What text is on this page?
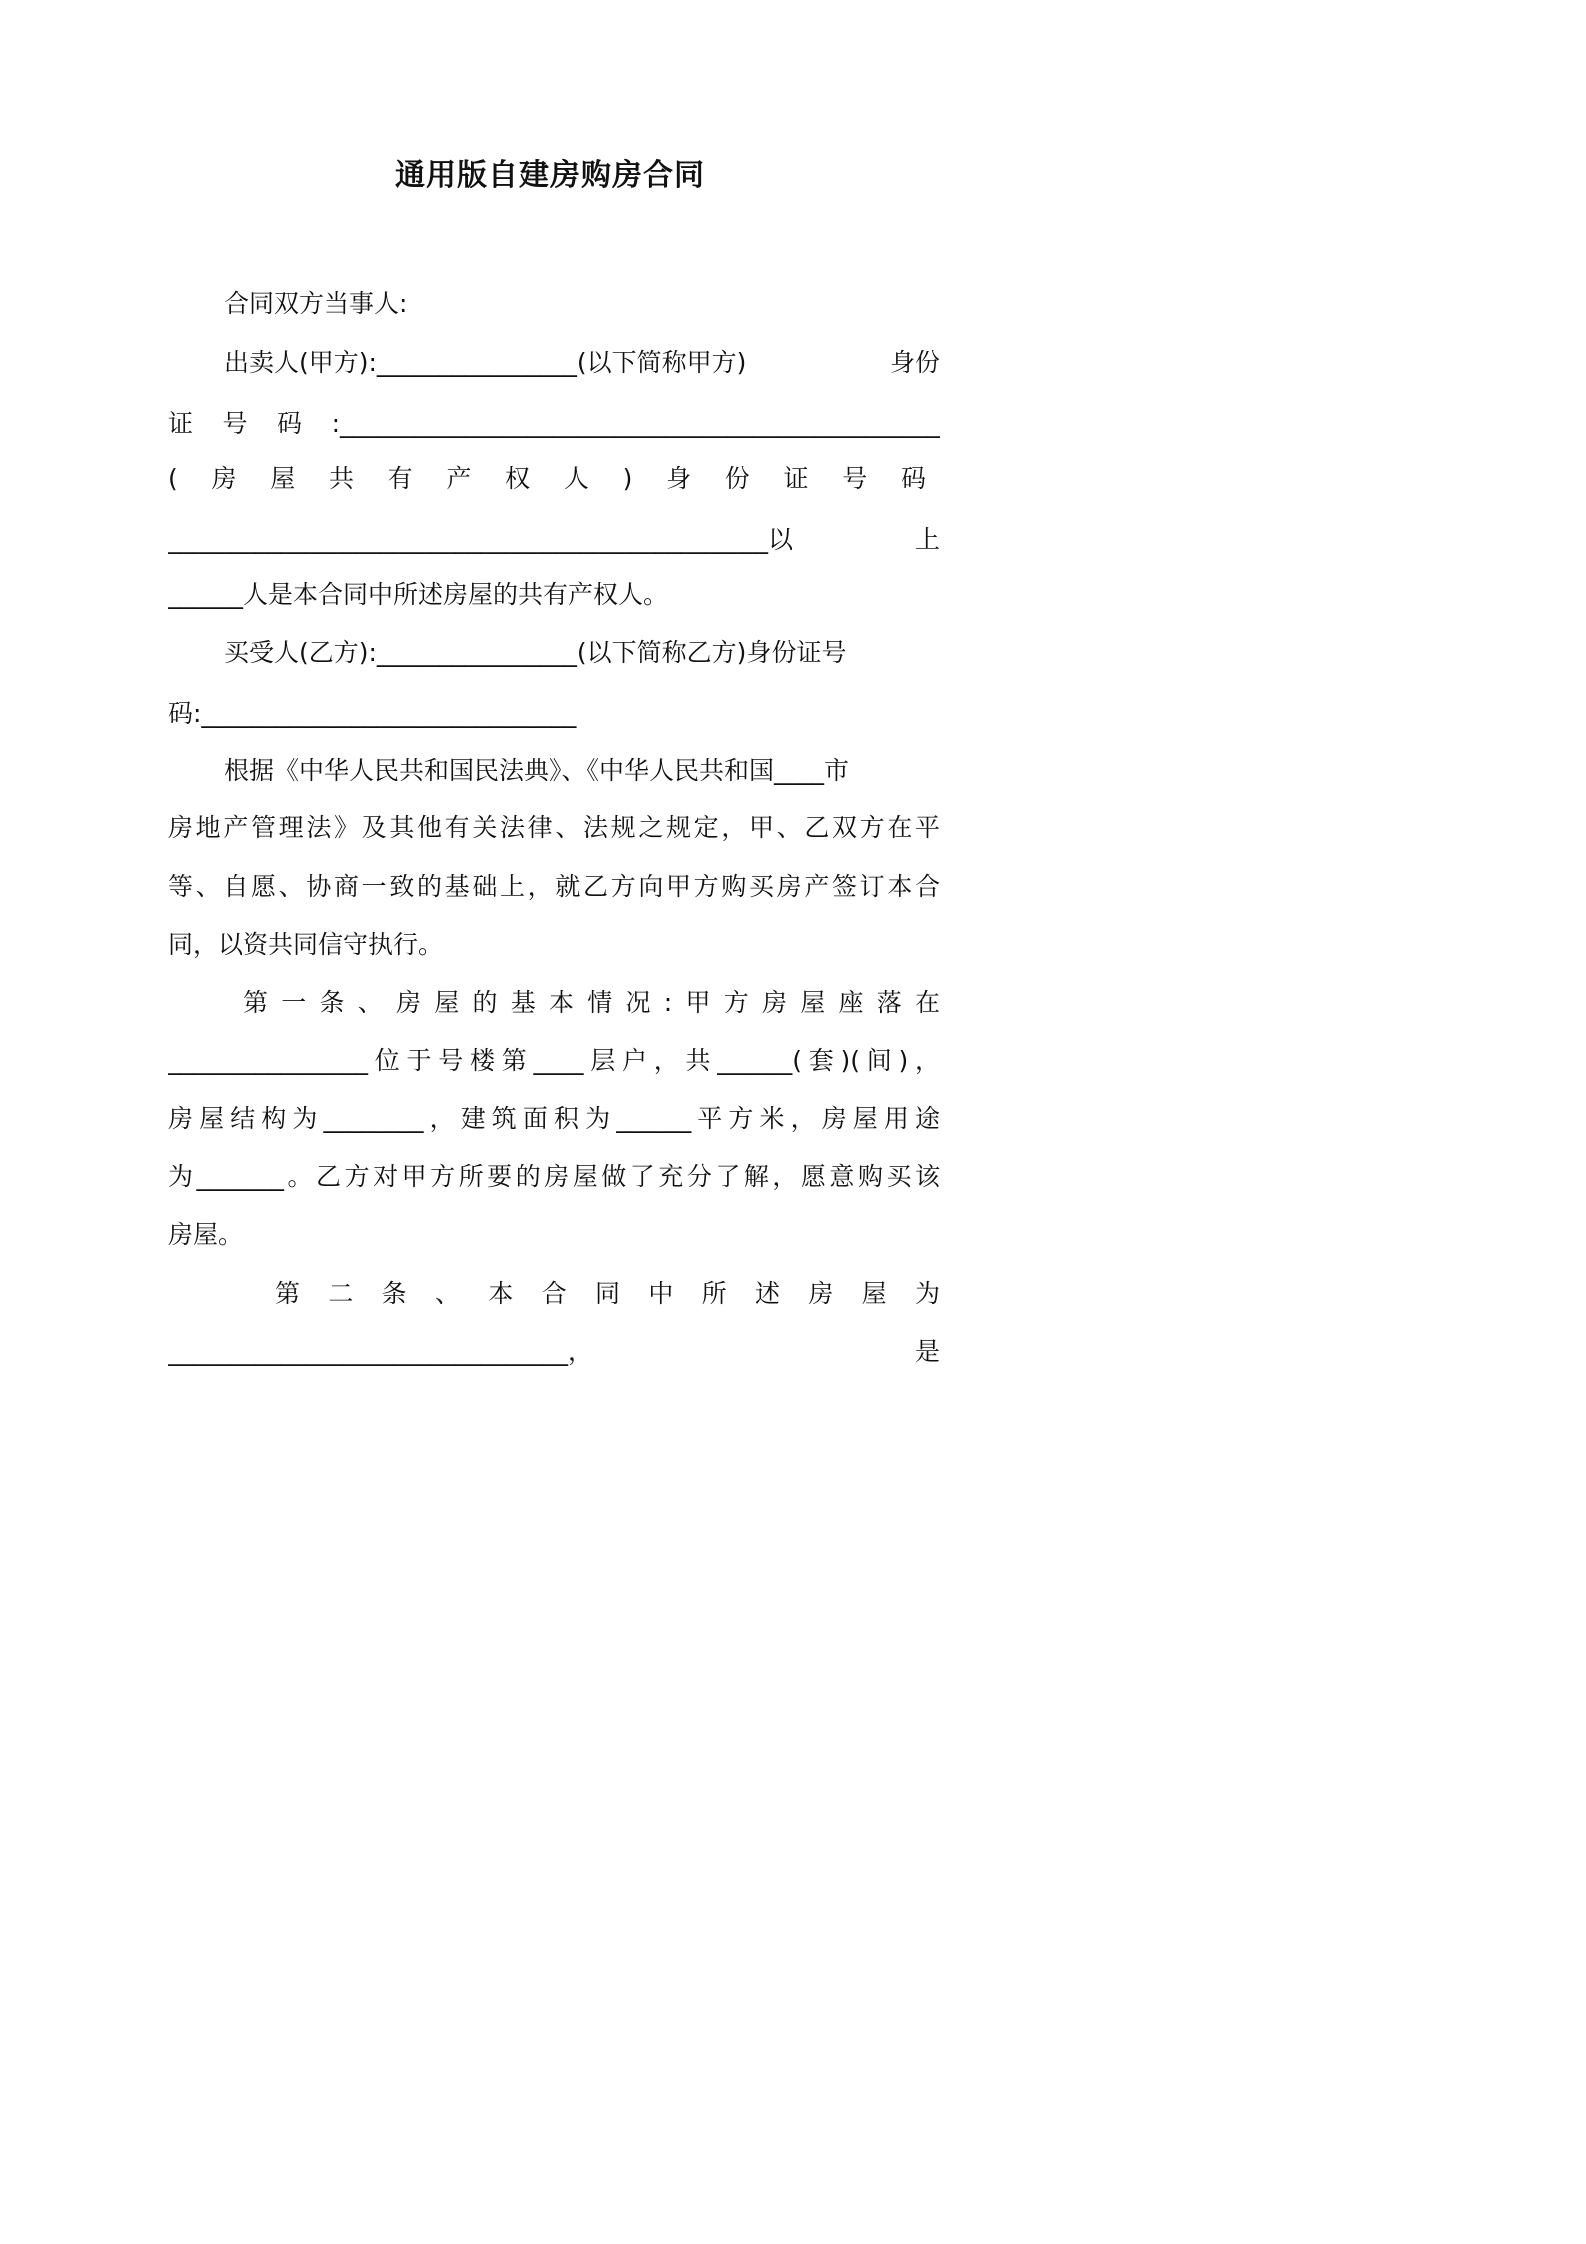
通用版自建房购房合同
合同双方当事人:
出卖人(甲方):________________(以下简称甲方)	身份
证号码:________________________________________________
(房屋共有产权人)身份证号码
________________________________________________以	上
______人是本合同中所述房屋的共有产权人。
买受人(乙方):________________(以下简称乙方)身份证号
码:______________________________
根据《中华人民共和国民法典》、《中华人民共和国____市
房地产管理法》及其他有关法律、法规之规定，甲、乙双方在平
等、自愿、协商一致的基础上，就乙方向甲方购买房产签订本合
同，以资共同信守执行。
第一条、房屋的基本情况:甲方房屋座落在
________________位于号楼第____层户，共______(套)(间)，
房屋结构为________，建筑面积为______平方米，房屋用途
为_______。乙方对甲方所要的房屋做了充分了解，愿意购买该
房屋。
第二条、本合同中所述房屋为
________________________________，	是
